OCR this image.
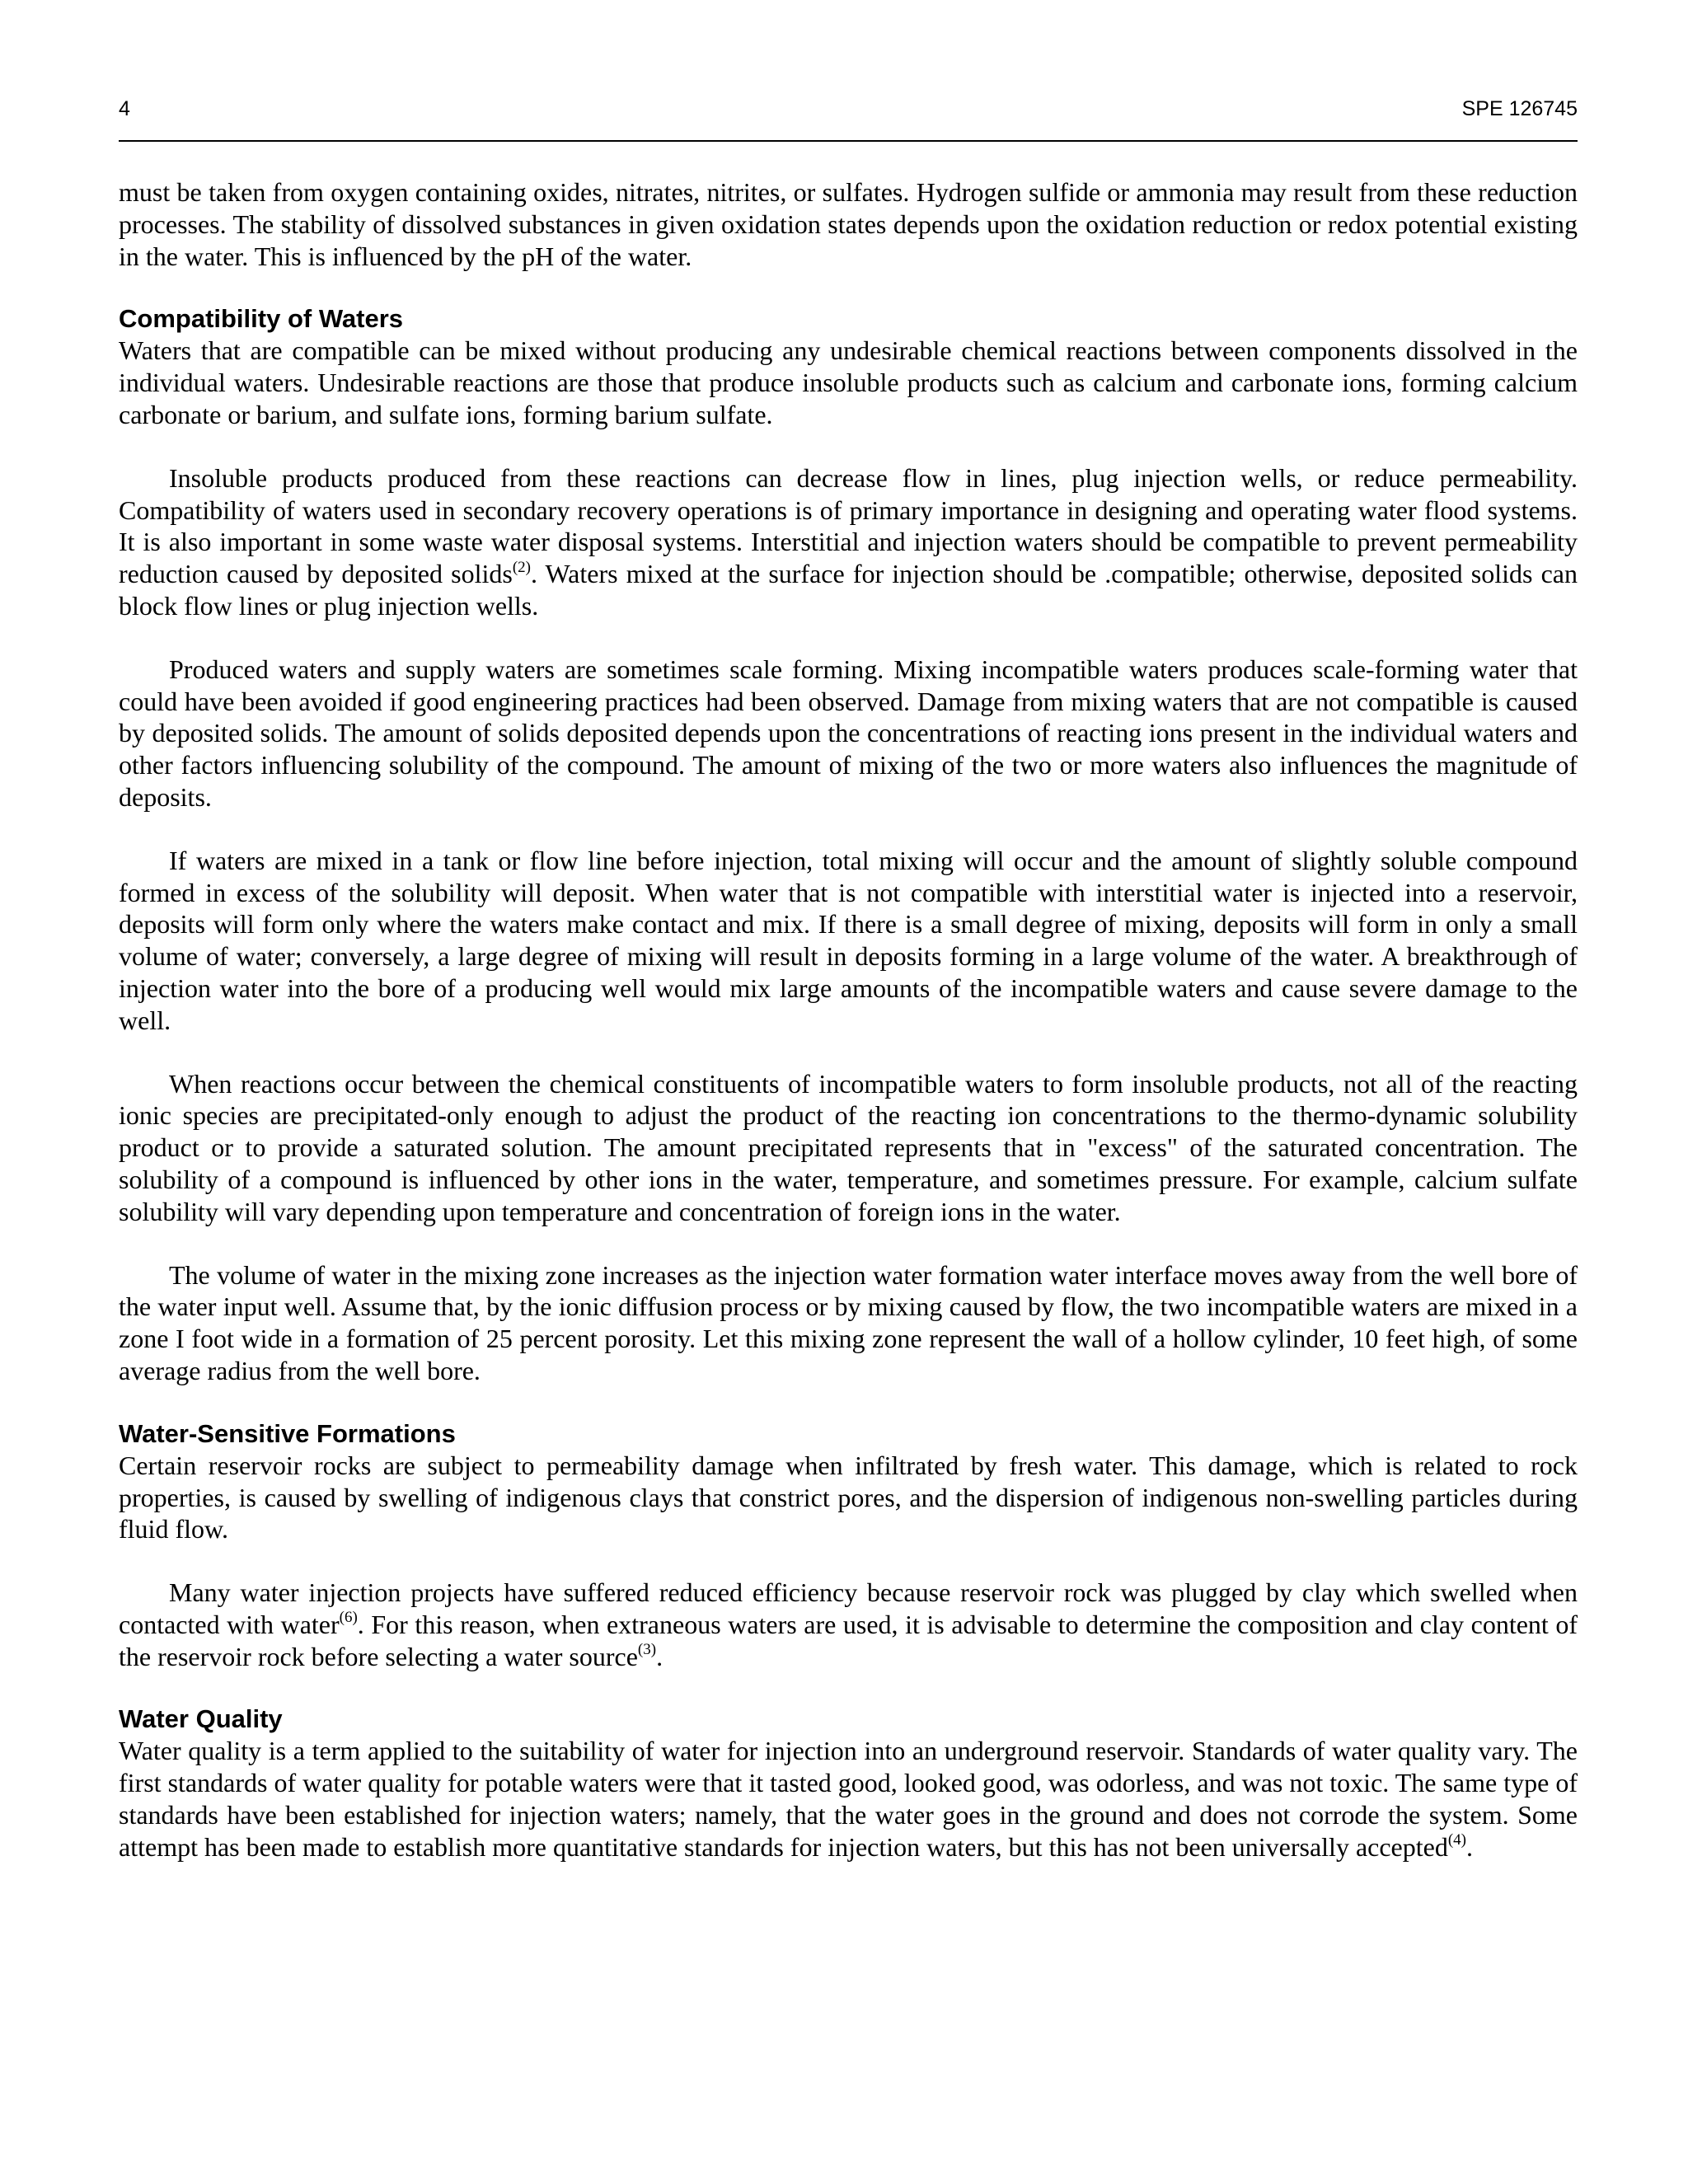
4	SPE 126745

must be taken from oxygen containing oxides, nitrates, nitrites, or sulfates. Hydrogen sulfide or ammonia may result from these reduction processes. The stability of dissolved substances in given oxidation states depends upon the oxidation reduction or redox potential existing in the water. This is influenced by the pH of the water.

Compatibility of Waters

Waters that are compatible can be mixed without producing any undesirable chemical reactions between components dissolved in the individual waters. Undesirable reactions are those that produce insoluble products such as calcium and carbonate ions, forming calcium carbonate or barium, and sulfate ions, forming barium sulfate.

Insoluble products produced from these reactions can decrease flow in lines, plug injection wells, or reduce permeability. Compatibility of waters used in secondary recovery operations is of primary importance in designing and operating water flood systems. It is also important in some waste water disposal systems. Interstitial and injection waters should be compatible to prevent permeability reduction caused by deposited solids$^{(2)}$. Waters mixed at the surface for injection should be .compatible; otherwise, deposited solids can block flow lines or plug injection wells.

Produced waters and supply waters are sometimes scale forming. Mixing incompatible waters produces scale-forming water that could have been avoided if good engineering practices had been observed. Damage from mixing waters that are not compatible is caused by deposited solids. The amount of solids deposited depends upon the concentrations of reacting ions present in the individual waters and other factors influencing solubility of the compound. The amount of mixing of the two or more waters also influences the magnitude of deposits.

If waters are mixed in a tank or flow line before injection, total mixing will occur and the amount of slightly soluble compound formed in excess of the solubility will deposit. When water that is not compatible with interstitial water is injected into a reservoir, deposits will form only where the waters make contact and mix. If there is a small degree of mixing, deposits will form in only a small volume of water; conversely, a large degree of mixing will result in deposits forming in a large volume of the water. A breakthrough of injection water into the bore of a producing well would mix large amounts of the incompatible waters and cause severe damage to the well.

When reactions occur between the chemical constituents of incompatible waters to form insoluble products, not all of the reacting ionic species are precipitated-only enough to adjust the product of the reacting ion concentrations to the thermo-dynamic solubility product or to provide a saturated solution. The amount precipitated represents that in "excess" of the saturated concentration. The solubility of a compound is influenced by other ions in the water, temperature, and sometimes pressure. For example, calcium sulfate solubility will vary depending upon temperature and concentration of foreign ions in the water.

The volume of water in the mixing zone increases as the injection water formation water interface moves away from the well bore of the water input well. Assume that, by the ionic diffusion process or by mixing caused by flow, the two incompatible waters are mixed in a zone I foot wide in a formation of 25 percent porosity. Let this mixing zone represent the wall of a hollow cylinder, 10 feet high, of some average radius from the well bore.

Water-Sensitive Formations

Certain reservoir rocks are subject to permeability damage when infiltrated by fresh water. This damage, which is related to rock properties, is caused by swelling of indigenous clays that constrict pores, and the dispersion of indigenous non-swelling particles during fluid flow.

Many water injection projects have suffered reduced efficiency because reservoir rock was plugged by clay which swelled when contacted with water$^{(6)}$. For this reason, when extraneous waters are used, it is advisable to determine the composition and clay content of the reservoir rock before selecting a water source$^{(3)}$.

Water Quality

Water quality is a term applied to the suitability of water for injection into an underground reservoir. Standards of water quality vary. The first standards of water quality for potable waters were that it tasted good, looked good, was odorless, and was not toxic. The same type of standards have been established for injection waters; namely, that the water goes in the ground and does not corrode the system. Some attempt has been made to establish more quantitative standards for injection waters, but this has not been universally accepted$^{(4)}$.
